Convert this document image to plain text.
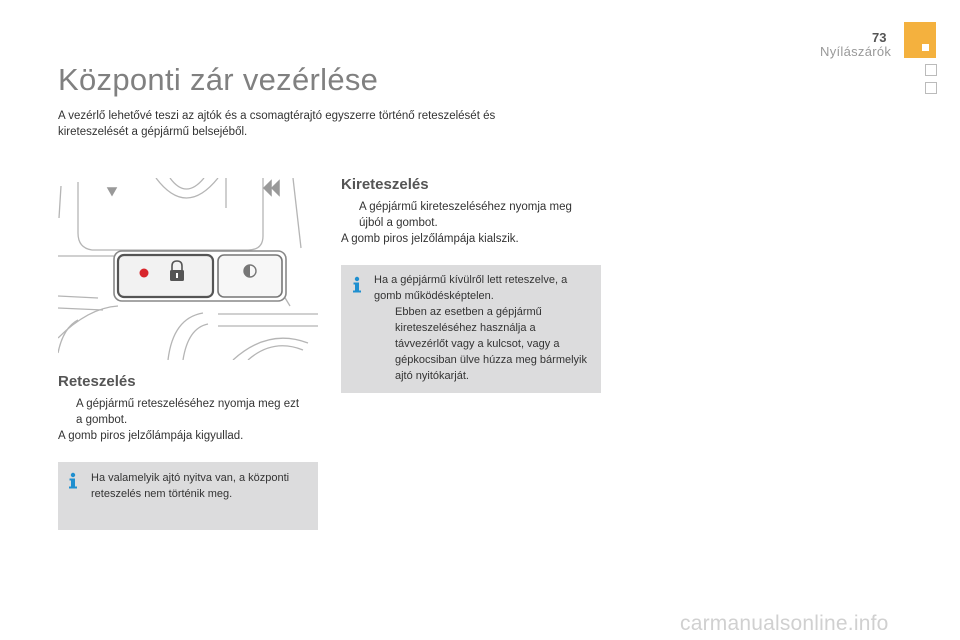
73
Nyílászárók
Központi zár vezérlése
A vezérlő lehetővé teszi az ajtók és a csomagtérajtó egyszerre történő reteszelését és kireteszelését a gépjármű belsejéből.
Reteszelés
A gépjármű reteszeléséhez nyomja meg ezt a gombot.
A gomb piros jelzőlámpája kigyullad.
Ha valamelyik ajtó nyitva van, a központi reteszelés nem történik meg.
Kireteszelés
A gépjármű kireteszeléséhez nyomja meg újból a gombot.
A gomb piros jelzőlámpája kialszik.
Ha a gépjármű kívülről lett reteszelve, a gomb működésképtelen.
Ebben az esetben a gépjármű kireteszeléséhez használja a távvezérlőt vagy a kulcsot, vagy a gépkocsiban ülve húzza meg bármelyik ajtó nyitókarját.
carmanualsonline.info
